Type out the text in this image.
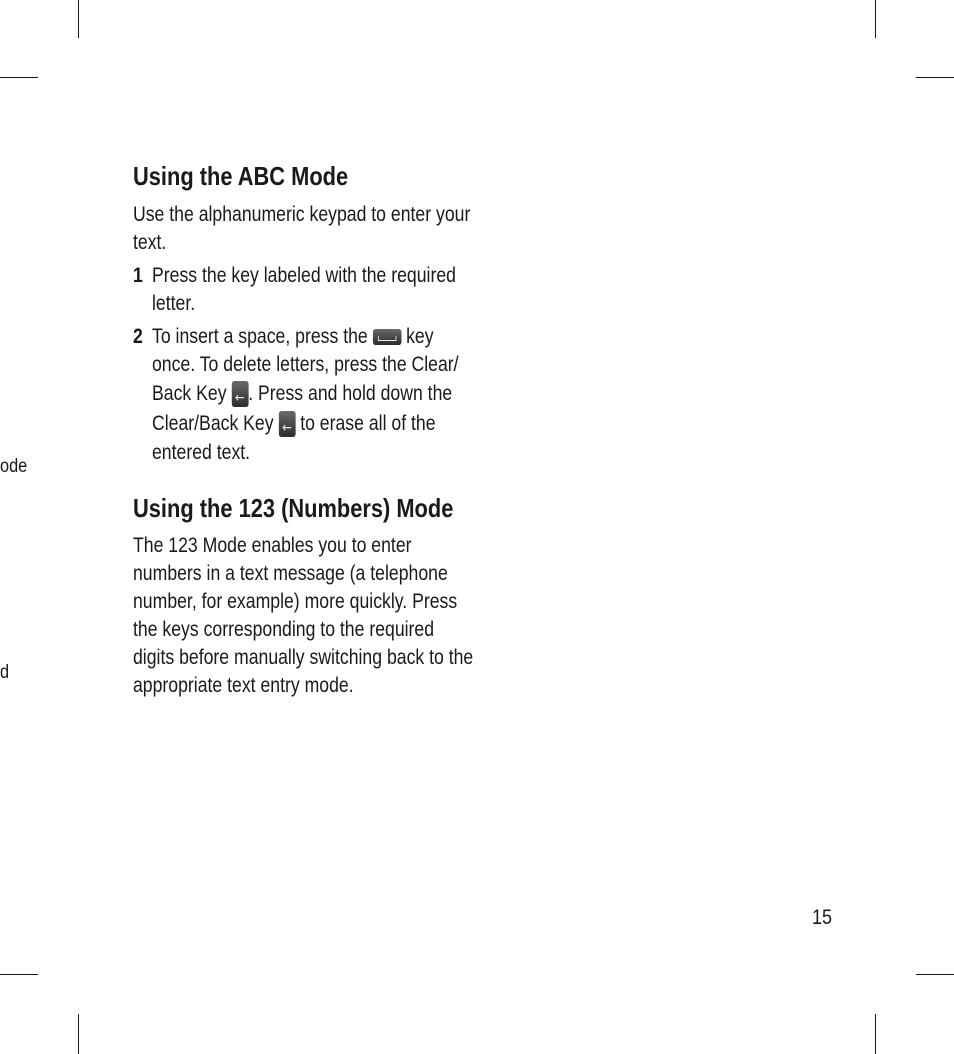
ode
d
Using the ABC Mode
Use the alphanumeric keypad to enter your
text.
1 Press the key labeled with the required
letter.
2 To insert a space, press the key
once. To delete letters, press the Clear/
Back Key ← . Press and hold down the
Clear/Back Key ← to erase all of the
entered text.
Using the 123 (Numbers) Mode
The 123 Mode enables you to enter
numbers in a text message (a telephone
number, for example) more quickly. Press
the keys corresponding to the required
digits before manually switching back to the
appropriate text entry mode.
15
